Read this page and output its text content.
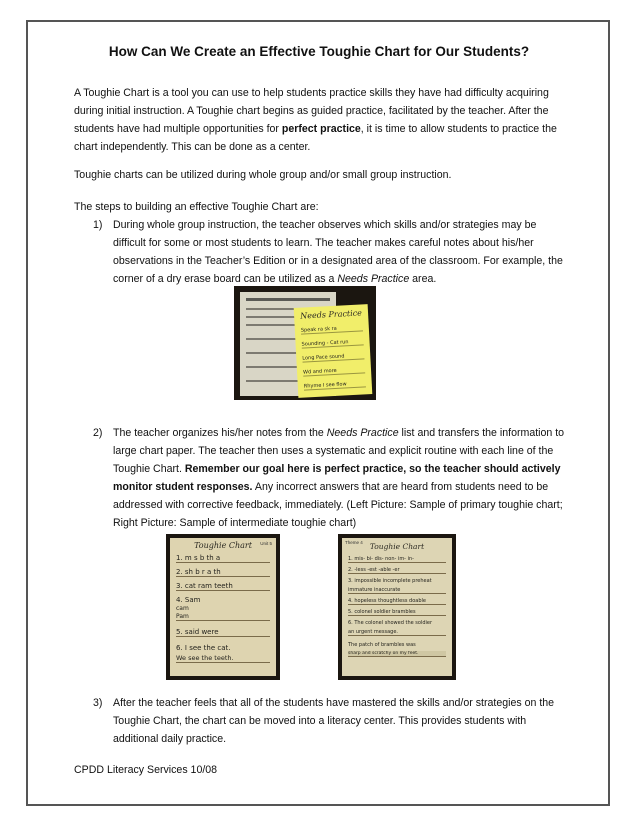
How Can We Create an Effective Toughie Chart for Our Students?
A Toughie Chart is a tool you can use to help students practice skills they have had difficulty acquiring during initial instruction. A Toughie chart begins as guided practice, facilitated by the teacher. After the students have had multiple opportunities for perfect practice, it is time to allow students to practice the chart independently. This can be done as a center.
Toughie charts can be utilized during whole group and/or small group instruction.
The steps to building an effective Toughie Chart are:
1) During whole group instruction, the teacher observes which skills and/or strategies may be difficult for some or most students to learn. The teacher makes careful notes about his/her observations in the Teacher’s Edition or in a designated area of the classroom. For example, the corner of a dry erase board can be utilized as a Needs Practice area.
Needs Practice
Speak ra sk ra
Sounding - Cat run
Long Pace sound
Wd and more
Rhyme I see flow
2) The teacher organizes his/her notes from the Needs Practice list and transfers the information to large chart paper. The teacher then uses a systematic and explicit routine with each line of the Toughie Chart. Remember our goal here is perfect practice, so the teacher should actively monitor student responses. Any incorrect answers that are heard from students need to be addressed with corrective feedback, immediately. (Left Picture: Sample of primary toughie chart; Right Picture: Sample of intermediate toughie chart)
Toughie Chart	Unit 5
1. m s b th a
2. sh b r a th
3. cat ram teeth
4. Sam
cam
Pam
5. said were
6. I see the cat.
We see the teeth.
Toughie Chart
Theme 4
1. mis- bi- dis- non- im- in-
2. -less -est -able -er
3. impossible incomplete preheat
immature inaccurate
4. hopeless thoughtless doable
5. colonel soldier brambles
6. The colonel showed the soldier
an urgent message.
The patch of brambles was
sharp and scratchy on my feet.
3) After the teacher feels that all of the students have mastered the skills and/or strategies on the Toughie Chart, the chart can be moved into a literacy center. This provides students with additional daily practice.
CPDD Literacy Services 10/08
